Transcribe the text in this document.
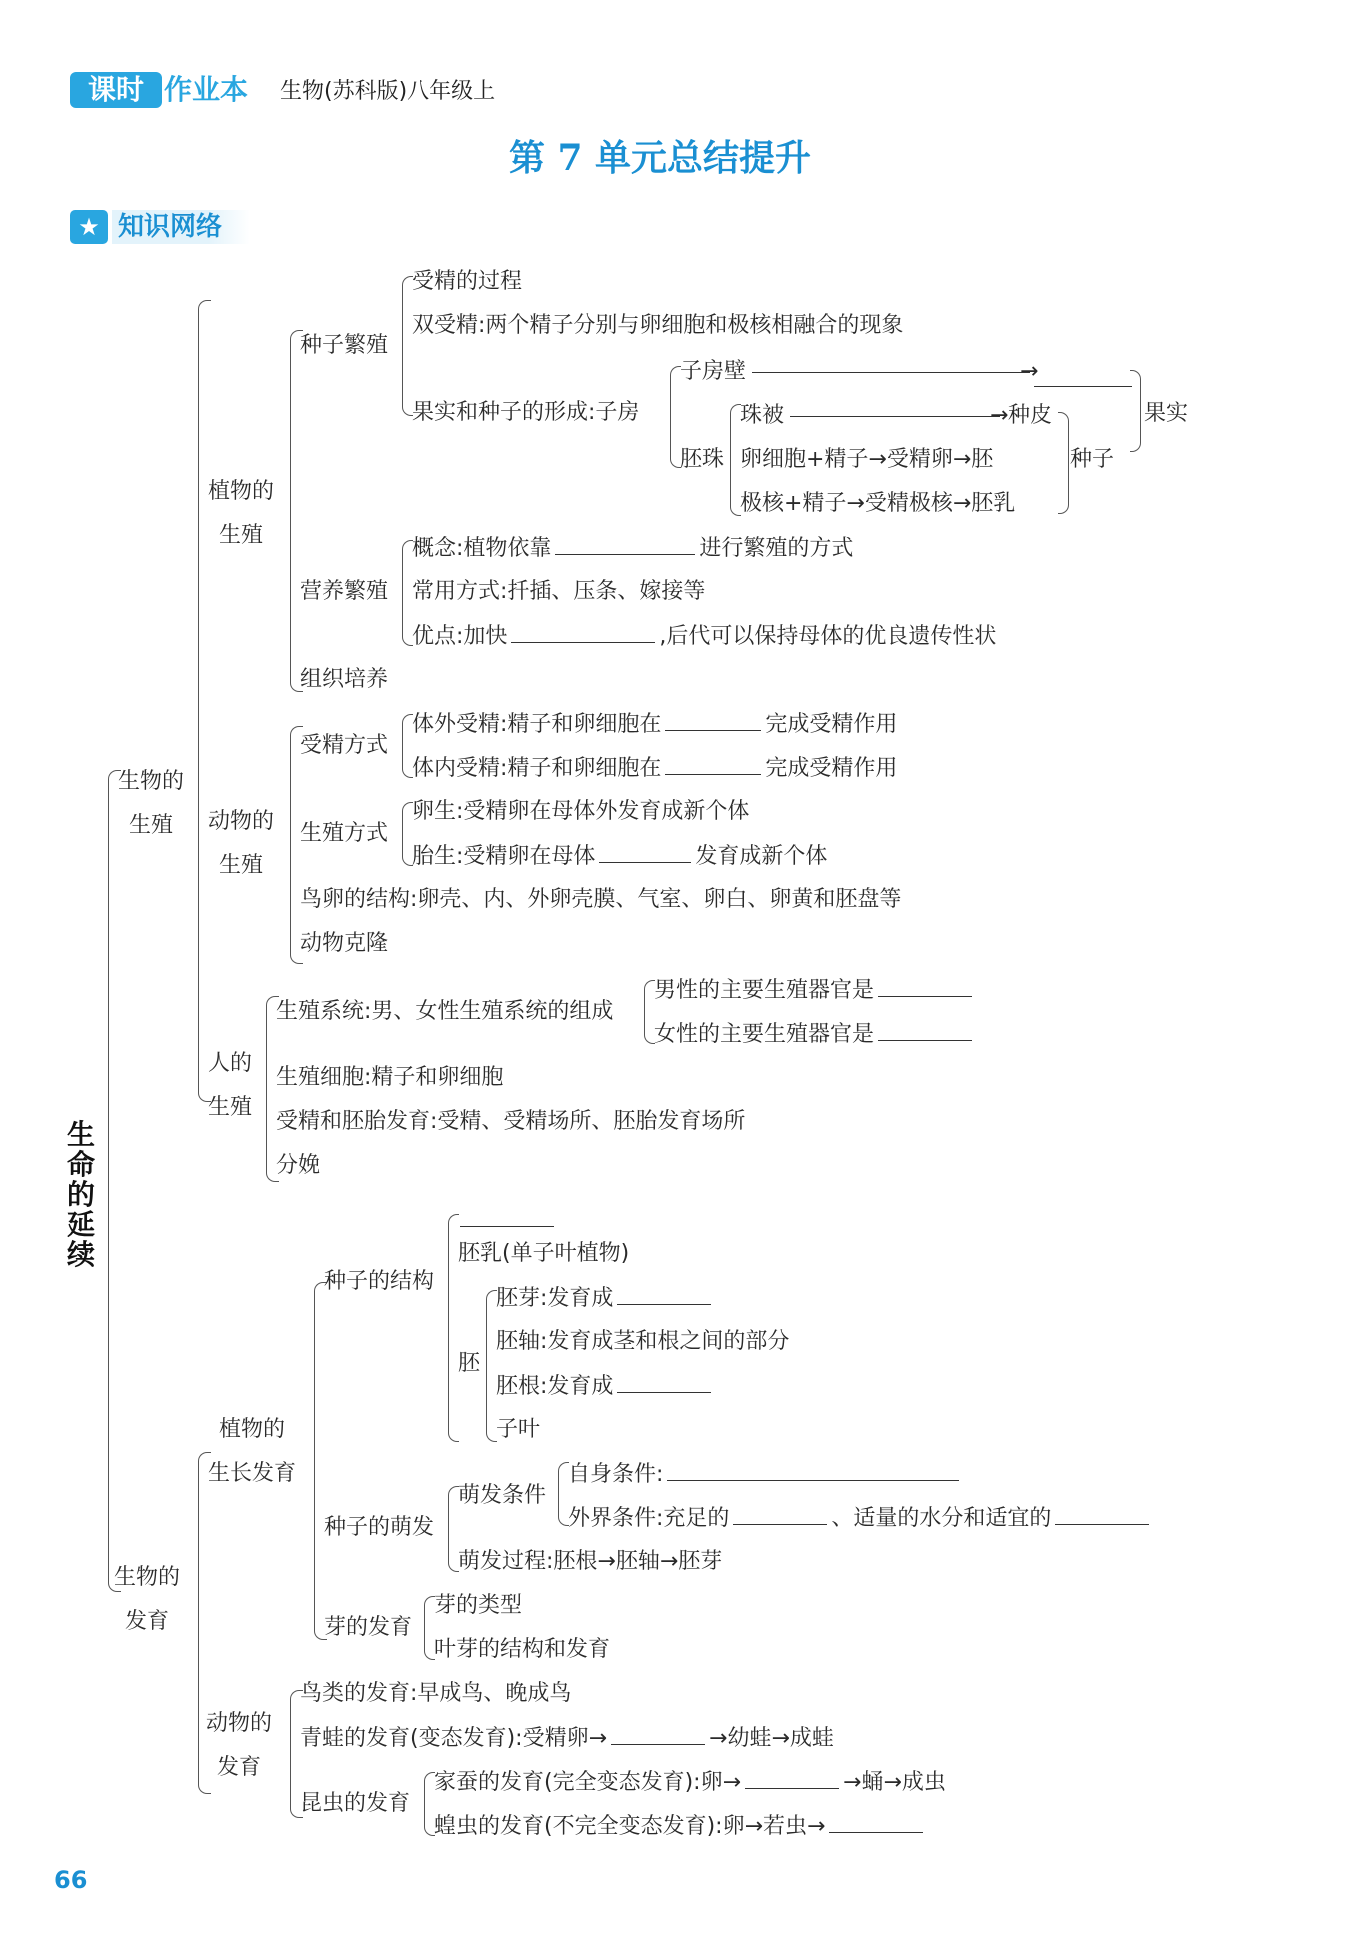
课时 作业本 生物(苏科版)八年级上
第 7 单元总结提升
★ 知识网络
生命的延续
生物的
生殖
生物的
发育
植物的
生殖
动物的
生殖
人的
生殖
种子繁殖
受精的过程
双受精:两个精子分别与卵细胞和极核相融合的现象
果实和种子的形成:子房
子房壁	→
胚珠
珠被	→ 种皮
卵细胞+精子→受精卵→胚
极核+精子→受精极核→胚乳
种子
果实
营养繁殖
概念:植物依靠	进行繁殖的方式
常用方式:扦插、压条、嫁接等
优点:加快	,后代可以保持母体的优良遗传性状
组织培养
受精方式
体外受精:精子和卵细胞在	完成受精作用
体内受精:精子和卵细胞在	完成受精作用
生殖方式
卵生:受精卵在母体外发育成新个体
胎生:受精卵在母体	发育成新个体
鸟卵的结构:卵壳、内、外卵壳膜、气室、卵白、卵黄和胚盘等
动物克隆
生殖系统:男、女性生殖系统的组成
男性的主要生殖器官是
女性的主要生殖器官是
生殖细胞:精子和卵细胞
受精和胚胎发育:受精、受精场所、胚胎发育场所
分娩
植物的
生长发育
动物的
发育
种子的结构
胚乳(单子叶植物)
胚
胚芽:发育成
胚轴:发育成茎和根之间的部分
胚根:发育成
子叶
种子的萌发
萌发条件
自身条件:
外界条件:充足的	、适量的水分和适宜的
萌发过程:胚根→胚轴→胚芽
芽的发育
芽的类型
叶芽的结构和发育
鸟类的发育:早成鸟、晚成鸟
青蛙的发育(变态发育):受精卵→	→幼蛙→成蛙
昆虫的发育
家蚕的发育(完全变态发育):卵→	→蛹→成虫
蝗虫的发育(不完全变态发育):卵→若虫→
66
